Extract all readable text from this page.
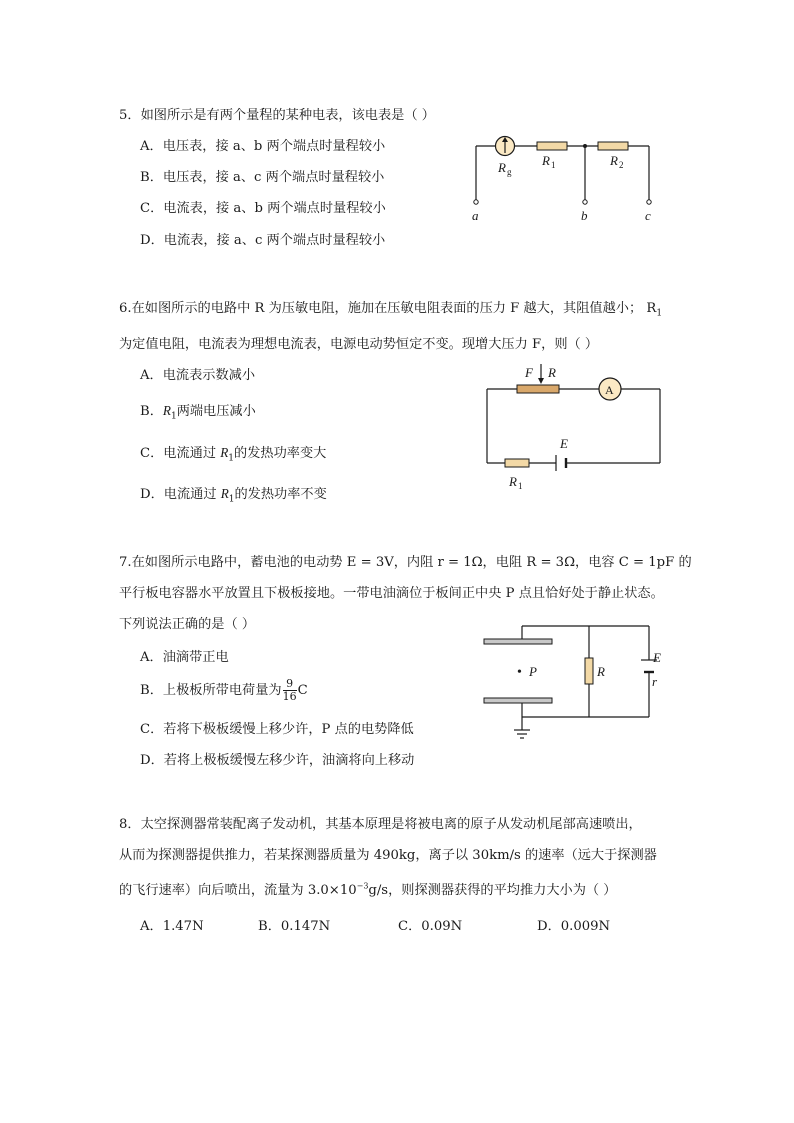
5．如图所示是有两个量程的某种电表，该电表是（ ）
A．电压表，接 a、b 两个端点时量程较小
B．电压表，接 a、c 两个端点时量程较小
C．电流表，接 a、b 两个端点时量程较小
D．电流表，接 a、c 两个端点时量程较小
R g
R 1	R 2
a	b	c
6.在如图所示的电路中 R 为压敏电阻，施加在压敏电阻表面的压力 F 越大，其阻值越小； $R_1$
为定值电阻，电流表为理想电流表，电源电动势恒定不变。现增大压力 F，则（ ）
A．电流表示数减小
B．$R_1$两端电压减小
C．电流通过 $R_1$的发热功率变大
D．电流通过 $R_1$的发热功率不变
A
F R
E
R 1
7.在如图所示电路中，蓄电池的电动势 E = 3V，内阻 r = 1Ω，电阻 R = 3Ω，电容 C = 1pF 的
平行板电容器水平放置且下极板接地。一带电油滴位于板间正中央 P 点且恰好处于静止状态。
下列说法正确的是（ ）
A．油滴带正电
B．上极板所带电荷量为 $\frac{9}{16}$ C
C．若将下极板缓慢上移少许，P 点的电势降低
D．若将上极板缓慢左移少许，油滴将向上移动
• P	R
E
r
8．太空探测器常装配离子发动机，其基本原理是将被电离的原子从发动机尾部高速喷出，
从而为探测器提供推力，若某探测器质量为 490kg，离子以 30km/s 的速率（远大于探测器
的飞行速率）向后喷出，流量为 $3.0\times 10^{-3}g/s$，则探测器获得的平均推力大小为（ ）
A．1.47N	B．0.147N	C．0.09N	D．0.009N
